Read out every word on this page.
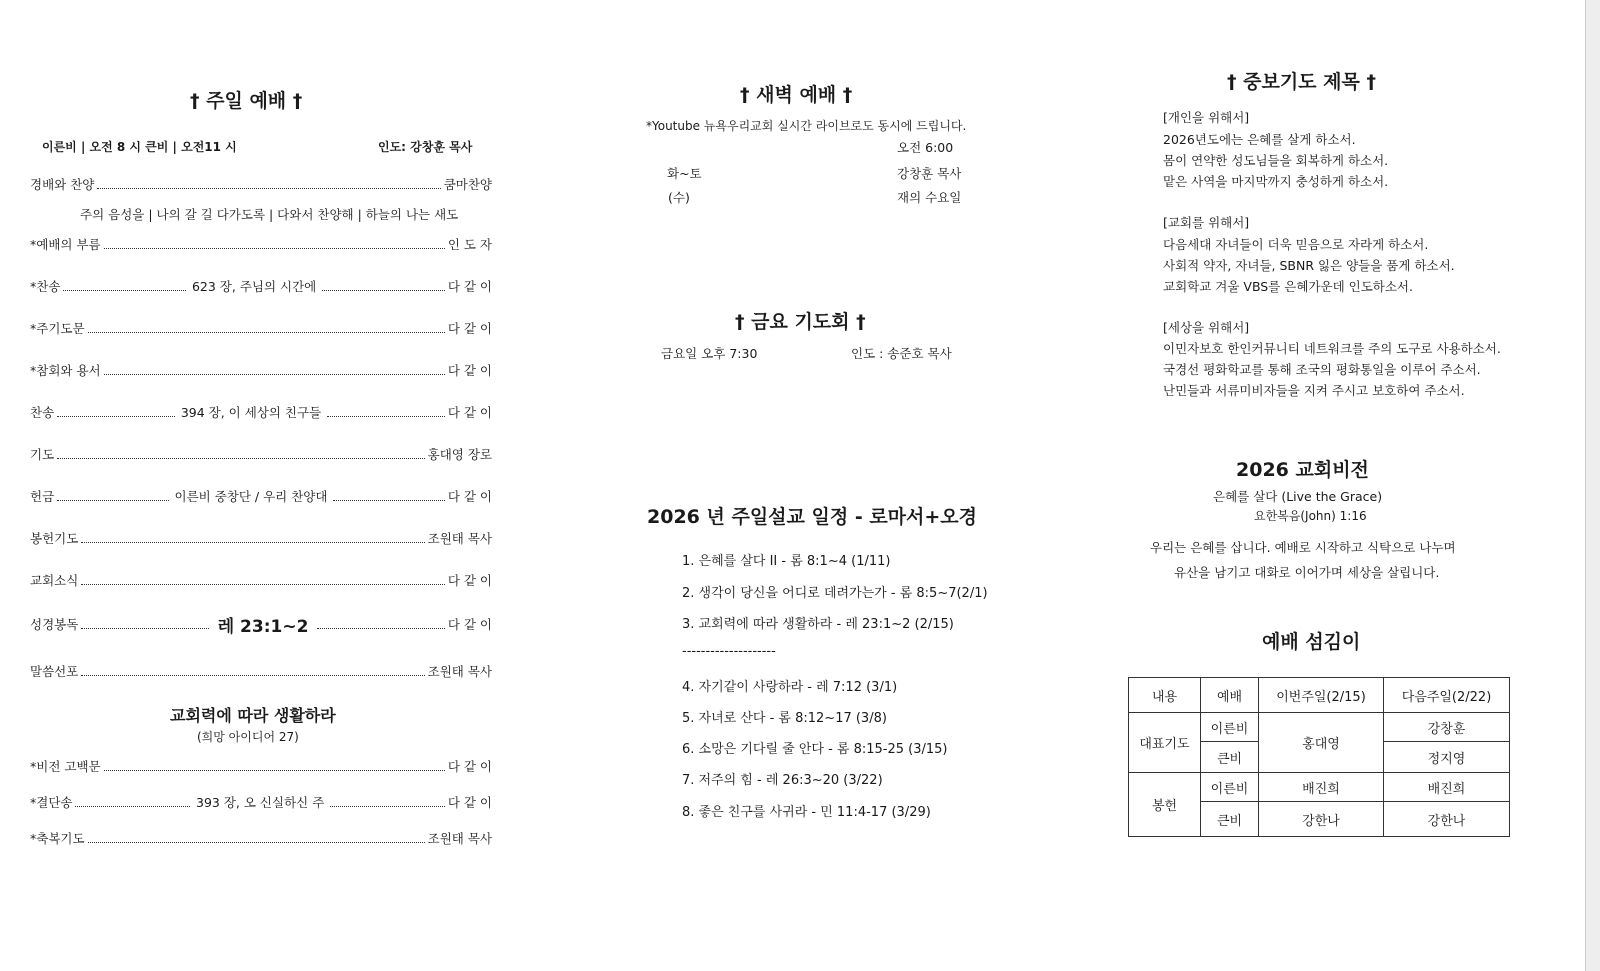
† 주일 예배 †
이른비 | 오전 8 시 큰비 | 오전11 시	인도: 강창훈 목사
경배와 찬양	쿰마찬양
주의 음성을 | 나의 갈 길 다가도록 | 다와서 찬양해 | 하늘의 나는 새도
*예배의 부름	인 도 자
*찬송	623 장, 주님의 시간에	다 같 이
*주기도문	다 같 이
*참회와 용서	다 같 이
찬송	394 장, 이 세상의 친구들	다 같 이
기도	홍대영 장로
헌금	이른비 중창단 / 우리 찬양대	다 같 이
봉헌기도	조원태 목사
교회소식	다 같 이
성경봉독	레 23:1~2	다 같 이
말씀선포	조원태 목사
교회력에 따라 생활하라
(희망 아이디어 27)
*비전 고백문	다 같 이
*결단송	393 장, 오 신실하신 주	다 같 이
*축복기도	조원태 목사
† 새벽 예배 †
*Youtube 뉴욕우리교회 실시간 라이브로도 동시에 드립니다.
오전 6:00
화~토	강창훈 목사
(수)	재의 수요일
† 금요 기도회 †
금요일 오후 7:30	인도 : 송준호 목사
2026 년 주일설교 일정 - 로마서+오경
1. 은혜를 살다 II - 롬 8:1~4 (1/11)
2. 생각이 당신을 어디로 데려가는가 - 롬 8:5~7(2/1)
3. 교회력에 따라 생활하라 - 레 23:1~2 (2/15)
--------------------
4. 자기같이 사랑하라 - 레 7:12 (3/1)
5. 자녀로 산다 - 롬 8:12~17 (3/8)
6. 소망은 기다릴 줄 안다 - 롬 8:15-25 (3/15)
7. 저주의 힘 - 레 26:3~20 (3/22)
8. 좋은 친구를 사귀라 - 민 11:4-17 (3/29)
† 중보기도 제목 †
[개인을 위해서]
2026년도에는 은혜를 살게 하소서.
몸이 연약한 성도님들을 회복하게 하소서.
맡은 사역을 마지막까지 충성하게 하소서.
[교회를 위해서]
다음세대 자녀들이 더욱 믿음으로 자라게 하소서.
사회적 약자, 자녀들, SBNR 잃은 양들을 품게 하소서.
교회학교 겨울 VBS를 은혜가운데 인도하소서.
[세상을 위해서]
이민자보호 한인커뮤니티 네트워크를 주의 도구로 사용하소서.
국경선 평화학교를 통해 조국의 평화통일을 이루어 주소서.
난민들과 서류미비자들을 지켜 주시고 보호하여 주소서.
2026 교회비전
은혜를 살다 (Live the Grace)
요한복음(John) 1:16
우리는 은혜를 삽니다. 예배로 시작하고 식탁으로 나누며
유산을 남기고 대화로 이어가며 세상을 살립니다.
예배 섬김이
내용	예배	이번주일(2/15)	다음주일(2/22)
대표기도	이른비	홍대영	강창훈
	큰비		정지영
봉헌	이른비	배진희	배진희
	큰비	강한나	강한나
